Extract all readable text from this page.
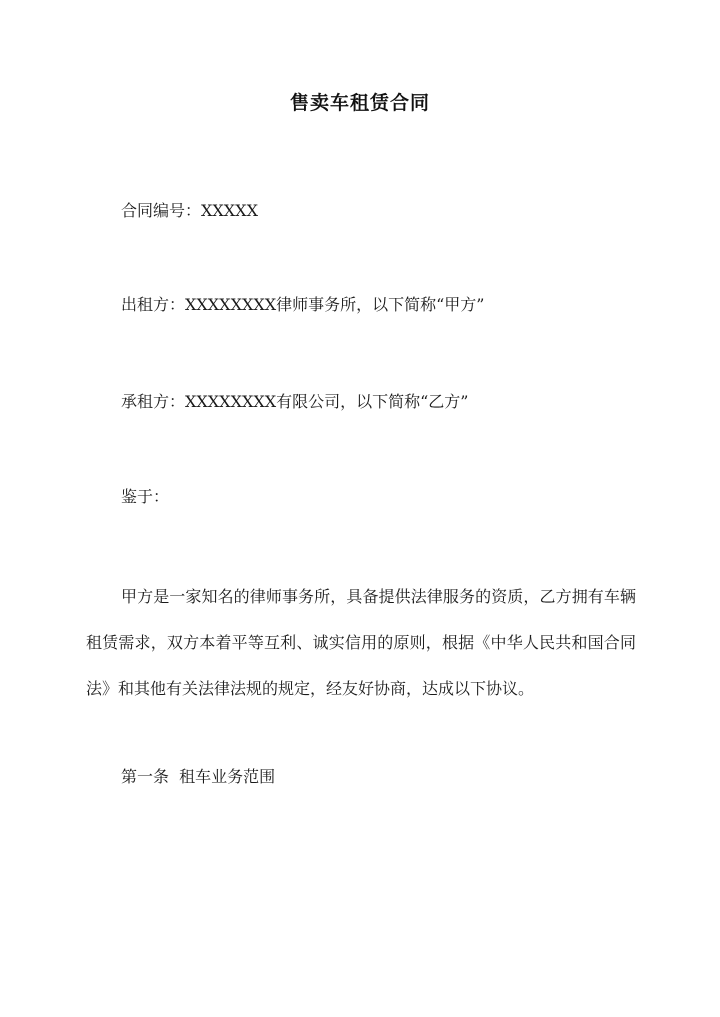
售卖车租赁合同
合同编号：XXXXX
出租方：XXXXXXXX律师事务所，以下简称“甲方”
承租方：XXXXXXXX有限公司，以下简称“乙方”
鉴于：

甲方是一家知名的律师事务所，具备提供法律服务的资质，乙方拥有车辆租赁需求，双方本着平等互利、诚实信用的原则，根据《中华人民共和国合同法》和其他有关法律法规的规定，经友好协商，达成以下协议。

第一条  租车业务范围
